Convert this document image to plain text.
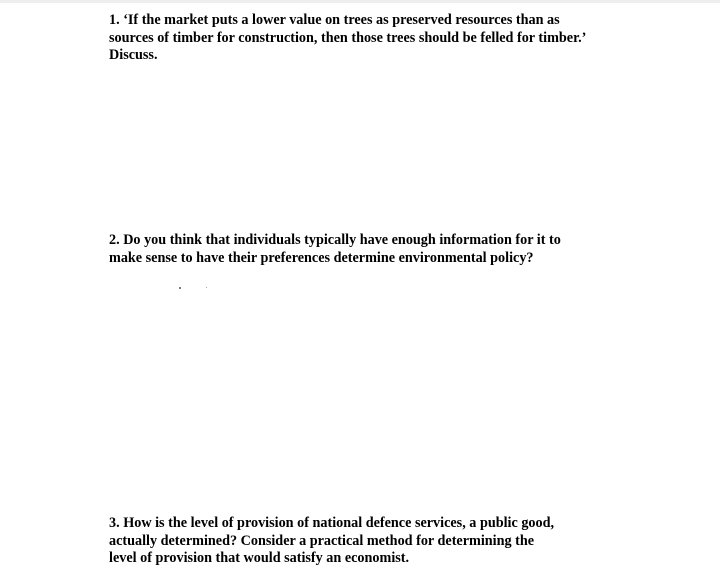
1. ‘If the market puts a lower value on trees as preserved resources than as
sources of timber for construction, then those trees should be felled for timber.’
Discuss.
2. Do you think that individuals typically have enough information for it to
make sense to have their preferences determine environmental policy?
3. How is the level of provision of national defence services, a public good,
actually determined? Consider a practical method for determining the
level of provision that would satisfy an economist.
